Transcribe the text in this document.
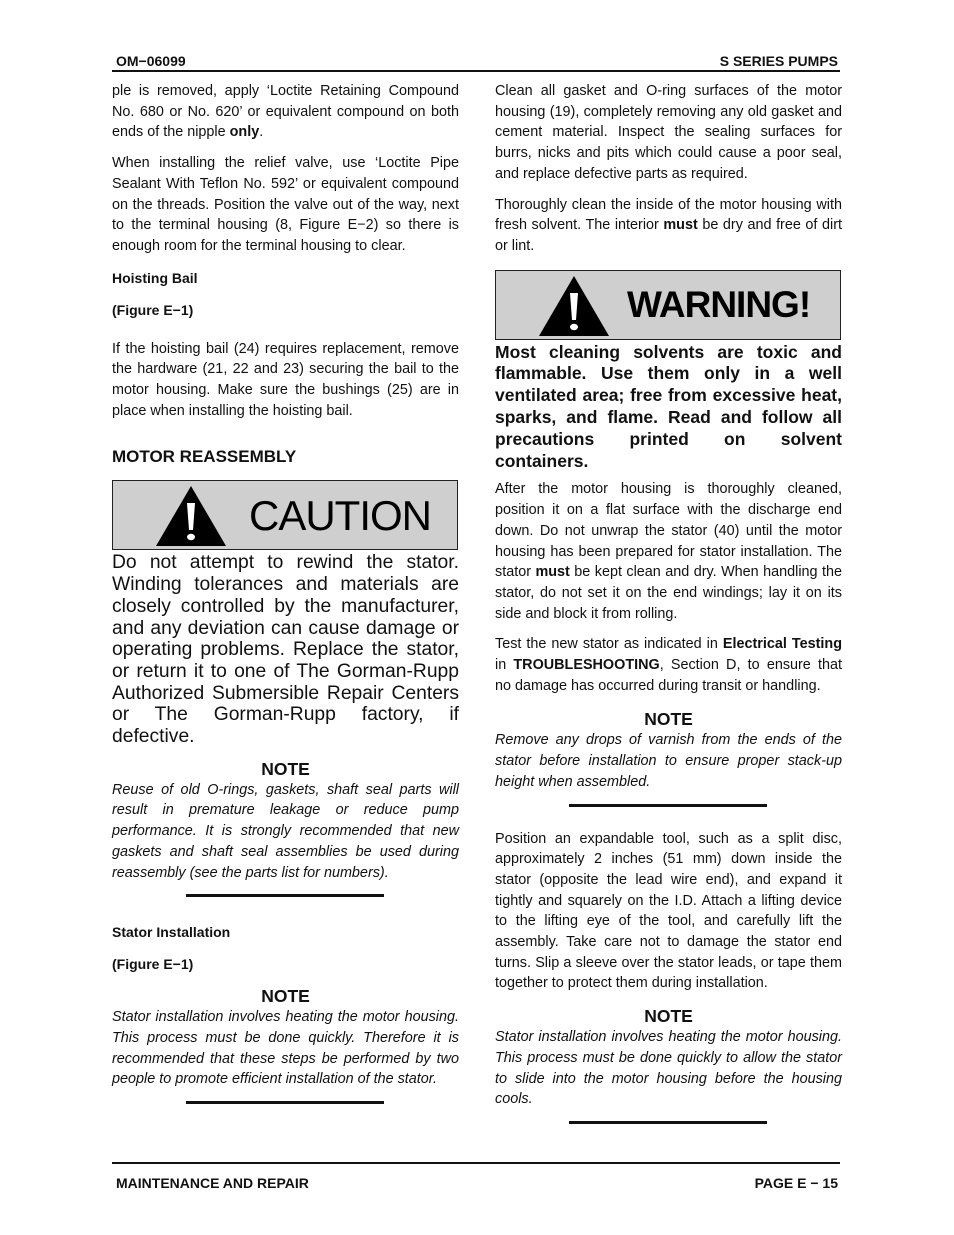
OM−06099	S SERIES PUMPS

ple is removed, apply ‘Loctite Retaining Compound No. 680 or No. 620’ or equivalent compound on both ends of the nipple only.

When installing the relief valve, use ‘Loctite Pipe Sealant With Teflon No. 592’ or equivalent compound on the threads. Position the valve out of the way, next to the terminal housing (8, Figure E−2) so there is enough room for the terminal housing to clear.

Hoisting Bail

(Figure E−1)

If the hoisting bail (24) requires replacement, remove the hardware (21, 22 and 23) securing the bail to the motor housing. Make sure the bushings (25) are in place when installing the hoisting bail.

MOTOR REASSEMBLY

CAUTION

Do not attempt to rewind the stator. Winding tolerances and materials are closely controlled by the manufacturer, and any deviation can cause damage or operating problems. Replace the stator, or return it to one of The Gorman-Rupp Authorized Submersible Repair Centers or The Gorman-Rupp factory, if defective.

NOTE

Reuse of old O-rings, gaskets, shaft seal parts will result in premature leakage or reduce pump performance. It is strongly recommended that new gaskets and shaft seal assemblies be used during reassembly (see the parts list for numbers).

Stator Installation

(Figure E−1)

NOTE

Stator installation involves heating the motor housing. This process must be done quickly. Therefore it is recommended that these steps be performed by two people to promote efficient installation of the stator.

Clean all gasket and O-ring surfaces of the motor housing (19), completely removing any old gasket and cement material. Inspect the sealing surfaces for burrs, nicks and pits which could cause a poor seal, and replace defective parts as required.

Thoroughly clean the inside of the motor housing with fresh solvent. The interior must be dry and free of dirt or lint.

WARNING!

Most cleaning solvents are toxic and flammable. Use them only in a well ventilated area; free from excessive heat, sparks, and flame. Read and follow all precautions printed on solvent containers.

After the motor housing is thoroughly cleaned, position it on a flat surface with the discharge end down. Do not unwrap the stator (40) until the motor housing has been prepared for stator installation. The stator must be kept clean and dry. When handling the stator, do not set it on the end windings; lay it on its side and block it from rolling.

Test the new stator as indicated in Electrical Testing in TROUBLESHOOTING, Section D, to ensure that no damage has occurred during transit or handling.

NOTE

Remove any drops of varnish from the ends of the stator before installation to ensure proper stack-up height when assembled.

Position an expandable tool, such as a split disc, approximately 2 inches (51 mm) down inside the stator (opposite the lead wire end), and expand it tightly and squarely on the I.D. Attach a lifting device to the lifting eye of the tool, and carefully lift the assembly. Take care not to damage the stator end turns. Slip a sleeve over the stator leads, or tape them together to protect them during installation.

NOTE

Stator installation involves heating the motor housing. This process must be done quickly to allow the stator to slide into the motor housing before the housing cools.

MAINTENANCE AND REPAIR	PAGE E − 15
